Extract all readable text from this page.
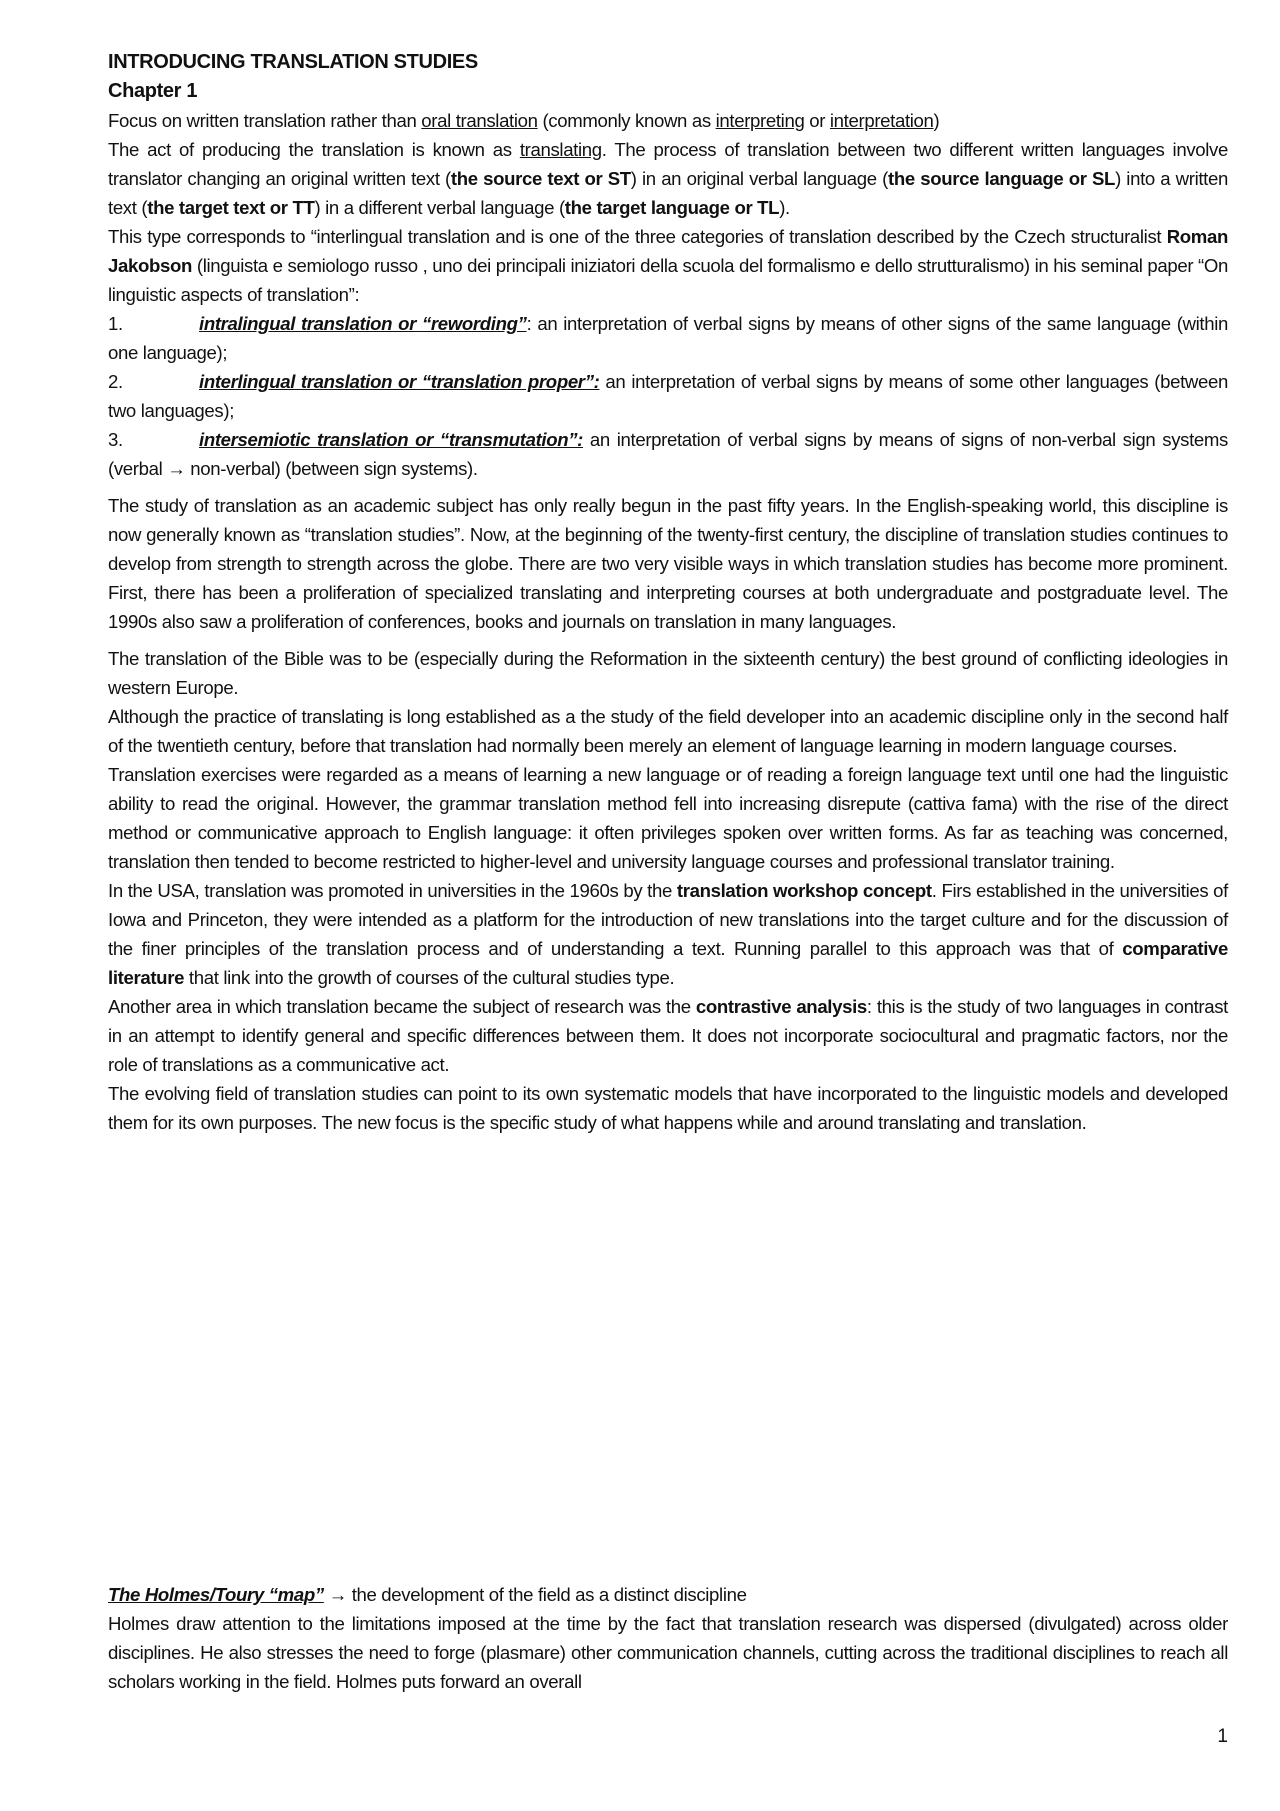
INTRODUCING TRANSLATION STUDIES

Chapter 1

Focus on written translation rather than oral translation (commonly known as interpreting or interpretation)

The act of producing the translation is known as translating. The process of translation between two different written languages involve translator changing an original written text (the source text or ST) in an original verbal language (the source language or SL) into a written text (the target text or TT) in a different verbal language (the target language or TL).

This type corresponds to “interlingual translation and is one of the three categories of translation described by the Czech structuralist Roman Jakobson (linguista e semiologo russo , uno dei principali iniziatori della scuola del formalismo e dello strutturalismo) in his seminal paper “On linguistic aspects of translation”:

1.	intralingual translation or “rewording”: an interpretation of verbal signs by means of other signs of the same language (within one language);

2.	interlingual translation or “translation proper”: an interpretation of verbal signs by means of some other languages (between two languages);

3.	intersemiotic translation or “transmutation”: an interpretation of verbal signs by means of signs of non-verbal sign systems (verbal → non-verbal) (between sign systems).

The study of translation as an academic subject has only really begun in the past fifty years. In the English-speaking world, this discipline is now generally known as “translation studies”. Now, at the beginning of the twenty-first century, the discipline of translation studies continues to develop from strength to strength across the globe. There are two very visible ways in which translation studies has become more prominent. First, there has been a proliferation of specialized translating and interpreting courses at both undergraduate and postgraduate level. The 1990s also saw a proliferation of conferences, books and journals on translation in many languages.

The translation of the Bible was to be (especially during the Reformation in the sixteenth century) the best ground of conflicting ideologies in western Europe.

Although the practice of translating is long established as a the study of the field developer into an academic discipline only in the second half of the twentieth century, before that translation had normally been merely an element of language learning in modern language courses.

Translation exercises were regarded as a means of learning a new language or of reading a foreign language text until one had the linguistic ability to read the original. However, the grammar translation method fell into increasing disrepute (cattiva fama) with the rise of the direct method or communicative approach to English language: it often privileges spoken over written forms. As far as teaching was concerned, translation then tended to become restricted to higher-level and university language courses and professional translator training.

In the USA, translation was promoted in universities in the 1960s by the translation workshop concept. Firs established in the universities of Iowa and Princeton, they were intended as a platform for the introduction of new translations into the target culture and for the discussion of the finer principles of the translation process and of understanding a text. Running parallel to this approach was that of comparative literature that link into the growth of courses of the cultural studies type.

Another area in which translation became the subject of research was the contrastive analysis: this is the study of two languages in contrast in an attempt to identify general and specific differences between them. It does not incorporate sociocultural and pragmatic factors, nor the role of translations as a communicative act.

The evolving field of translation studies can point to its own systematic models that have incorporated to the linguistic models and developed them for its own purposes. The new focus is the specific study of what happens while and around translating and translation.

The Holmes/Toury “map” → the development of the field as a distinct discipline

Holmes draw attention to the limitations imposed at the time by the fact that translation research was dispersed (divulgated) across older disciplines. He also stresses the need to forge (plasmare) other communication channels, cutting across the traditional disciplines to reach all scholars working in the field. Holmes puts forward an overall

1
